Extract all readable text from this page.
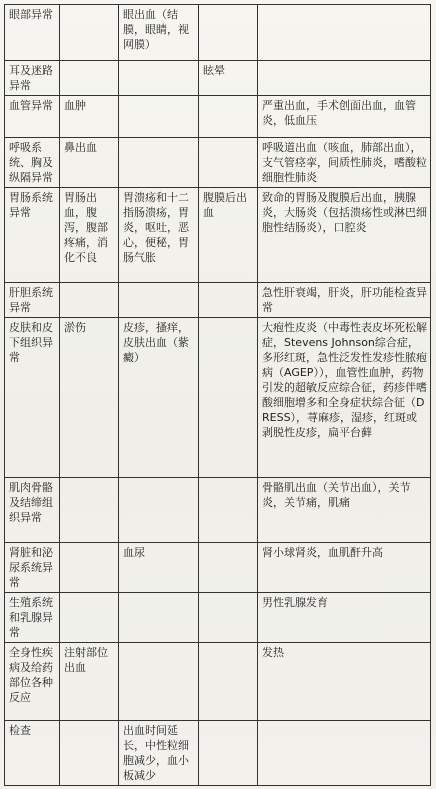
眼部异常		眼出血（结膜，眼睛，视网膜）		
耳及迷路异常			眩晕	
血管异常	血肿			严重出血，手术创面出血，血管炎，低血压
呼吸系统、胸及纵隔异常	鼻出血			呼吸道出血（咳血，肺部出血），支气管痉挛，间质性肺炎，嗜酸粒细胞性肺炎
胃肠系统异常	胃肠出血，腹泻，腹部疼痛，消化不良	胃溃疡和十二指肠溃疡，胃炎，呕吐，恶心，便秘，胃肠气胀	腹膜后出血	致命的胃肠及腹膜后出血，胰腺炎，大肠炎（包括溃疡性或淋巴细胞性结肠炎），口腔炎
肝胆系统异常				急性肝衰竭，肝炎，肝功能检查异常
皮肤和皮下组织异常	淤伤	皮疹，搔痒，皮肤出血（紫癜）		大疱性皮炎（中毒性表皮坏死松解症，Stevens Johnson综合症，多形红斑，急性泛发性发疹性脓疱病（AGEP）），血管性血肿，药物引发的超敏反应综合征，药疹伴嗜酸细胞增多和全身症状综合征（DRESS），荨麻疹，湿疹，红斑或剥脱性皮疹，扁平台藓
肌肉骨骼及结缔组织异常				骨骼肌出血（关节出血），关节炎，关节痛，肌痛
肾脏和泌尿系统异常		血尿		肾小球肾炎，血肌酐升高
生殖系统和乳腺异常				男性乳腺发育
全身性疾病及给药部位各种反应	注射部位出血			发热
检查		出血时间延长，中性粒细胞减少，血小板减少		
